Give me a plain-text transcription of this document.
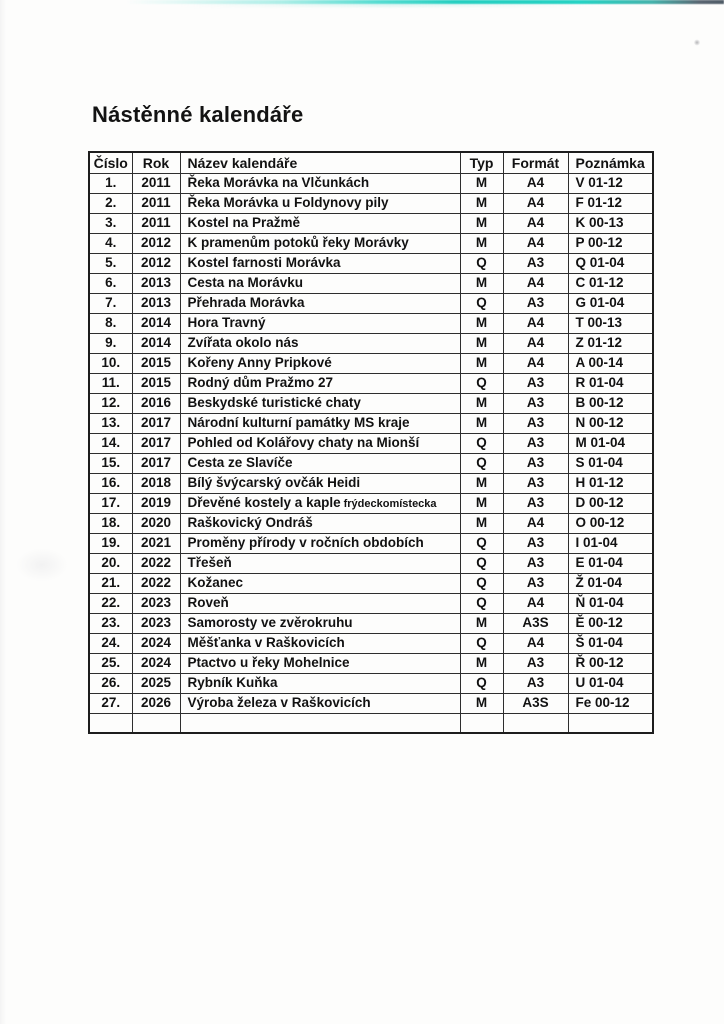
Nástěnné kalendáře
Číslo	Rok	Název kalendáře	Typ	Formát	Poznámka
1.	2011	Řeka Morávka na Vlčunkách	M	A4	V 01-12
2.	2011	Řeka Morávka u Foldynovy pily	M	A4	F 01-12
3.	2011	Kostel na Pražmě	M	A4	K 00-13
4.	2012	K pramenům potoků řeky Morávky	M	A4	P 00-12
5.	2012	Kostel farnosti Morávka	Q	A3	Q 01-04
6.	2013	Cesta na Morávku	M	A4	C 01-12
7.	2013	Přehrada Morávka	Q	A3	G 01-04
8.	2014	Hora Travný	M	A4	T 00-13
9.	2014	Zvířata okolo nás	M	A4	Z 01-12
10.	2015	Kořeny Anny Pripkové	M	A4	A 00-14
11.	2015	Rodný dům Pražmo 27	Q	A3	R 01-04
12.	2016	Beskydské turistické chaty	M	A3	B 00-12
13.	2017	Národní kulturní památky MS kraje	M	A3	N 00-12
14.	2017	Pohled od Kolářovy chaty na Mionší	Q	A3	M 01-04
15.	2017	Cesta ze Slavíče	Q	A3	S 01-04
16.	2018	Bílý švýcarský ovčák Heidi	M	A3	H 01-12
17.	2019	Dřevěné kostely a kaple frýdeckomístecka	M	A3	D 00-12
18.	2020	Raškovický Ondráš	M	A4	O 00-12
19.	2021	Proměny přírody v ročních obdobích	Q	A3	I 01-04
20.	2022	Třešeň	Q	A3	E 01-04
21.	2022	Kožanec	Q	A3	Ž 01-04
22.	2023	Roveň	Q	A4	Ň 01-04
23.	2023	Samorosty ve zvěrokruhu	M	A3S	Ě 00-12
24.	2024	Měšťanka v Raškovicích	Q	A4	Š 01-04
25.	2024	Ptactvo u řeky Mohelnice	M	A3	Ř 00-12
26.	2025	Rybník Kuňka	Q	A3	U 01-04
27.	2026	Výroba železa v Raškovicích	M	A3S	Fe 00-12
